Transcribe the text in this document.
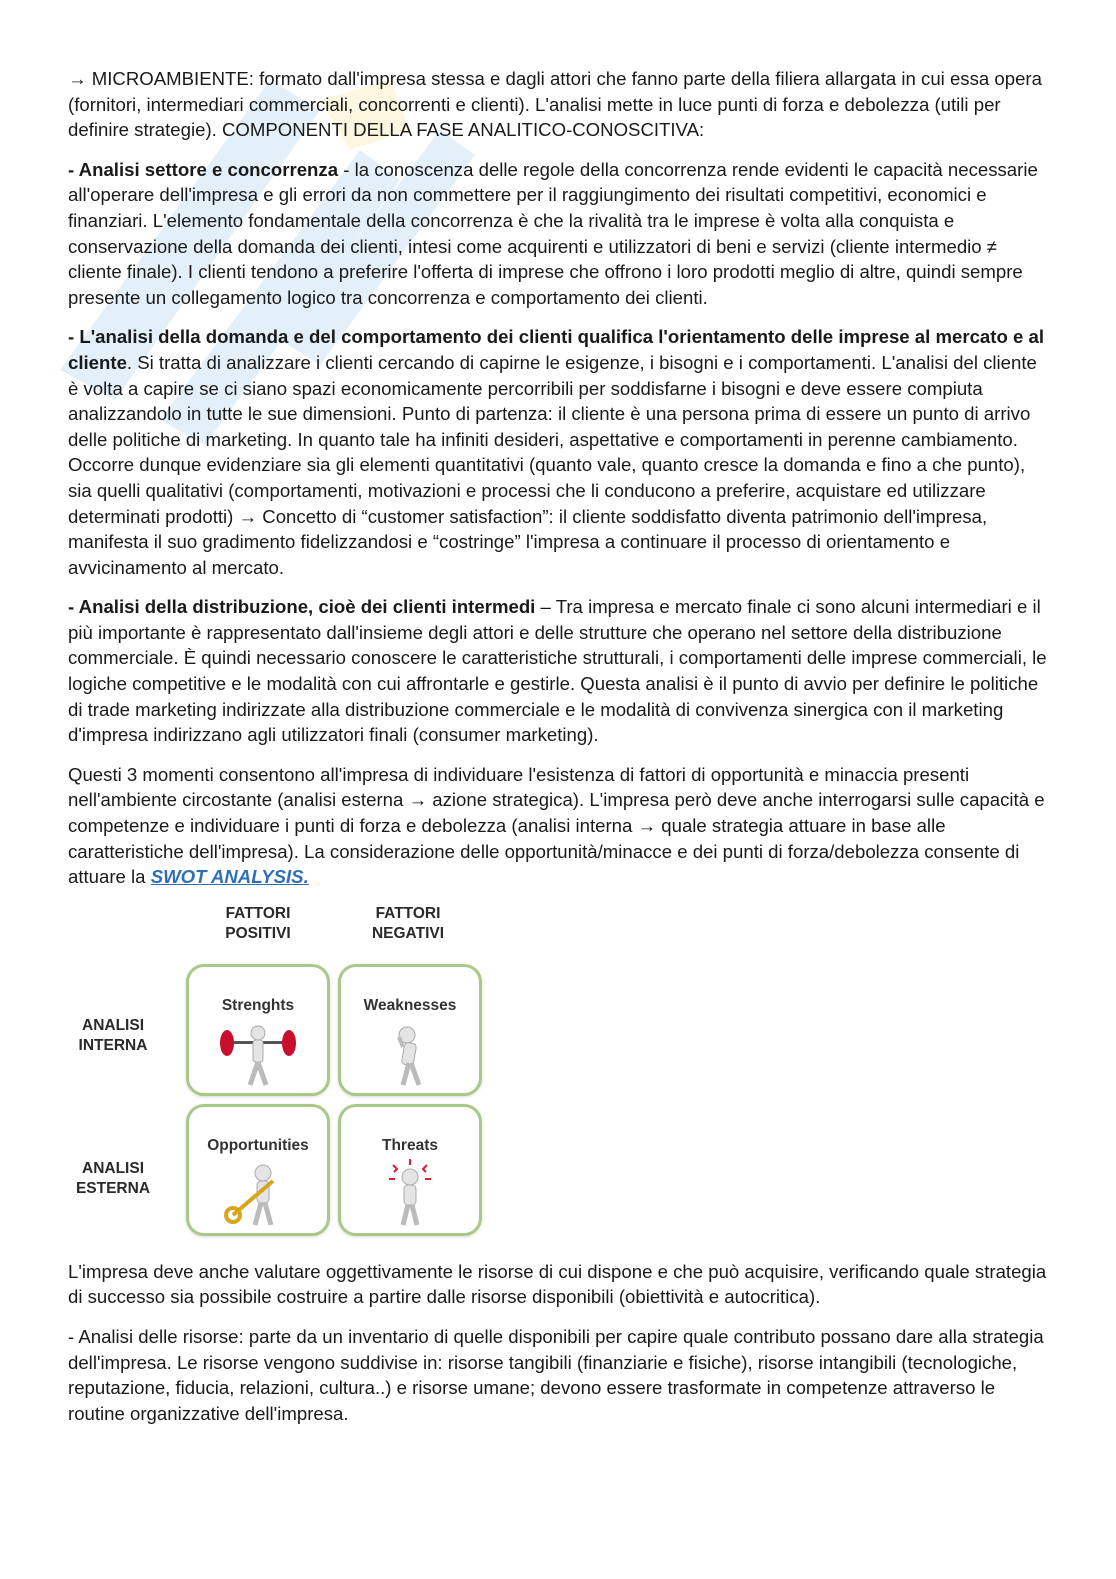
→ MICROAMBIENTE: formato dall'impresa stessa e dagli attori che fanno parte della filiera allargata in cui essa opera (fornitori, intermediari commerciali, concorrenti e clienti). L'analisi mette in luce punti di forza e debolezza (utili per definire strategie). COMPONENTI DELLA FASE ANALITICO-CONOSCITIVA:

- Analisi settore e concorrenza - la conoscenza delle regole della concorrenza rende evidenti le capacità necessarie all'operare dell'impresa e gli errori da non commettere per il raggiungimento dei risultati competitivi, economici e finanziari. L'elemento fondamentale della concorrenza è che la rivalità tra le imprese è volta alla conquista e conservazione della domanda dei clienti, intesi come acquirenti e utilizzatori di beni e servizi (cliente intermedio ≠ cliente finale). I clienti tendono a preferire l'offerta di imprese che offrono i loro prodotti meglio di altre, quindi sempre presente un collegamento logico tra concorrenza e comportamento dei clienti.

- L'analisi della domanda e del comportamento dei clienti qualifica l'orientamento delle imprese al mercato e al cliente. Si tratta di analizzare i clienti cercando di capirne le esigenze, i bisogni e i comportamenti. L'analisi del cliente è volta a capire se ci siano spazi economicamente percorribili per soddisfarne i bisogni e deve essere compiuta analizzandolo in tutte le sue dimensioni. Punto di partenza: il cliente è una persona prima di essere un punto di arrivo delle politiche di marketing. In quanto tale ha infiniti desideri, aspettative e comportamenti in perenne cambiamento. Occorre dunque evidenziare sia gli elementi quantitativi (quanto vale, quanto cresce la domanda e fino a che punto), sia quelli qualitativi (comportamenti, motivazioni e processi che li conducono a preferire, acquistare ed utilizzare determinati prodotti) → Concetto di “customer satisfaction”: il cliente soddisfatto diventa patrimonio dell'impresa, manifesta il suo gradimento fidelizzandosi e “costringe” l'impresa a continuare il processo di orientamento e avvicinamento al mercato.

- Analisi della distribuzione, cioè dei clienti intermedi – Tra impresa e mercato finale ci sono alcuni intermediari e il più importante è rappresentato dall'insieme degli attori e delle strutture che operano nel settore della distribuzione commerciale. È quindi necessario conoscere le caratteristiche strutturali, i comportamenti delle imprese commerciali, le logiche competitive e le modalità con cui affrontarle e gestirle. Questa analisi è il punto di avvio per definire le politiche di trade marketing indirizzate alla distribuzione commerciale e le modalità di convivenza sinergica con il marketing d'impresa indirizzano agli utilizzatori finali (consumer marketing).

Questi 3 momenti consentono all'impresa di individuare l'esistenza di fattori di opportunità e minaccia presenti nell'ambiente circostante (analisi esterna → azione strategica). L'impresa però deve anche interrogarsi sulle capacità e competenze e individuare i punti di forza e debolezza (analisi interna → quale strategia attuare in base alle caratteristiche dell'impresa). La considerazione delle opportunità/minacce e dei punti di forza/debolezza consente di attuare la SWOT ANALYSIS.

FATTORI
POSITIVI
FATTORI
NEGATIVI
ANALISI
INTERNA
ANALISI
ESTERNA
Strenghts	Weaknesses
Opportunities	Threats

L'impresa deve anche valutare oggettivamente le risorse di cui dispone e che può acquisire, verificando quale strategia di successo sia possibile costruire a partire dalle risorse disponibili (obiettività e autocritica).

- Analisi delle risorse: parte da un inventario di quelle disponibili per capire quale contributo possano dare alla strategia dell'impresa. Le risorse vengono suddivise in: risorse tangibili (finanziarie e fisiche), risorse intangibili (tecnologiche, reputazione, fiducia, relazioni, cultura..) e risorse umane; devono essere trasformate in competenze attraverso le routine organizzative dell'impresa.
